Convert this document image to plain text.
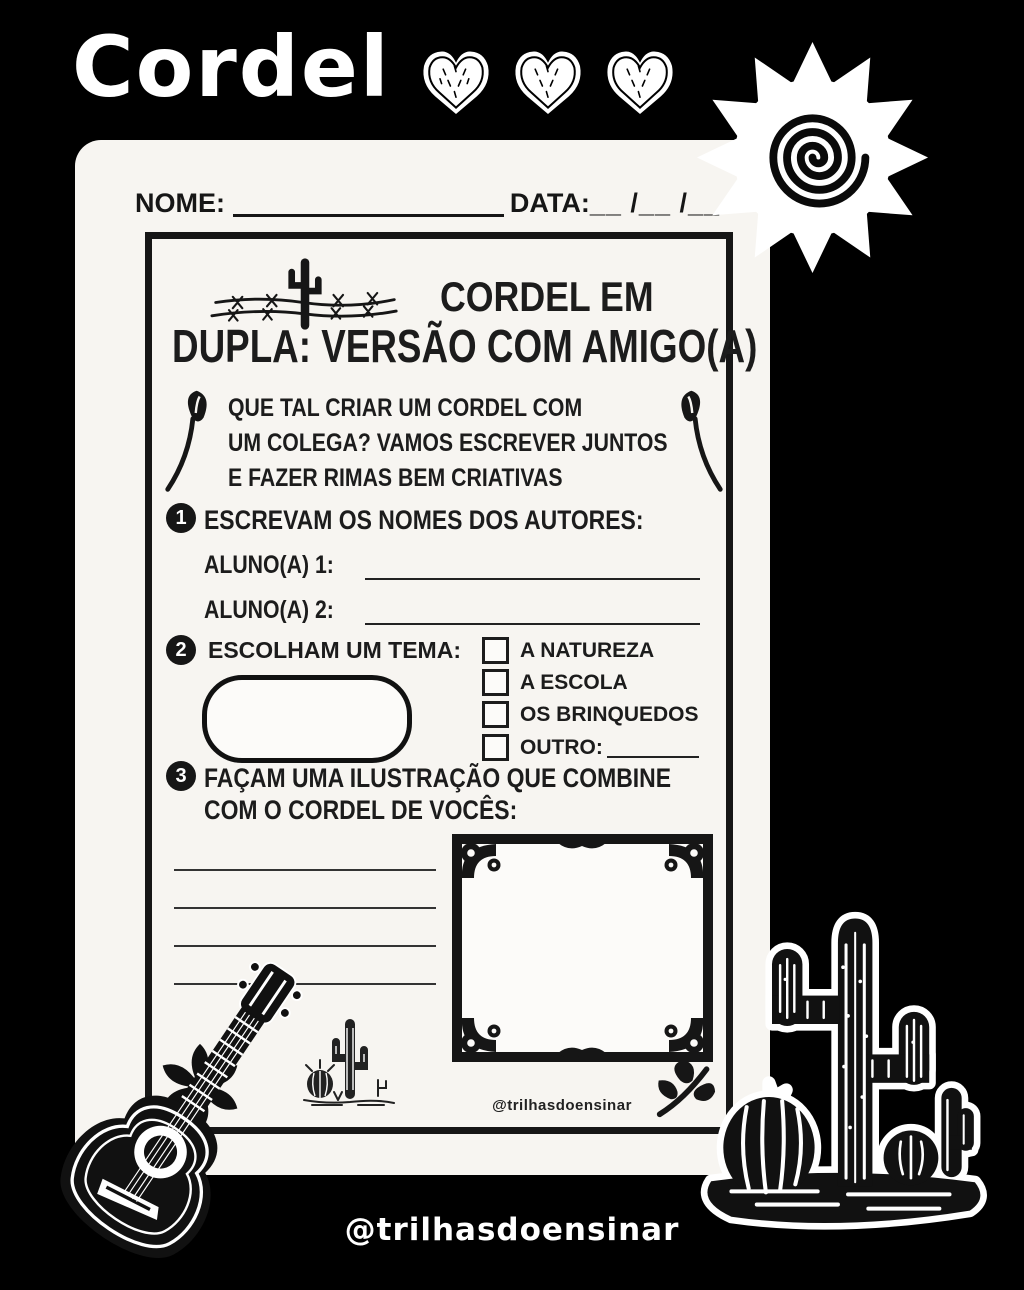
Cordel
NOME:	DATA: __ /__ /__
CORDEL EM
DUPLA: VERSÃO COM AMIGO(A)
QUE TAL CRIAR UM CORDEL COM
UM COLEGA? VAMOS ESCREVER JUNTOS
E FAZER RIMAS BEM CRIATIVAS
1 ESCREVAM OS NOMES DOS AUTORES:
ALUNO(A) 1:
ALUNO(A) 2:
2 ESCOLHAM UM TEMA:	A NATUREZA
A ESCOLA
OS BRINQUEDOS
OUTRO:
3 FAÇAM UMA ILUSTRAÇÃO QUE COMBINE
COM O CORDEL DE VOCÊS:
@trilhasdoensinar
@trilhasdoensinar
